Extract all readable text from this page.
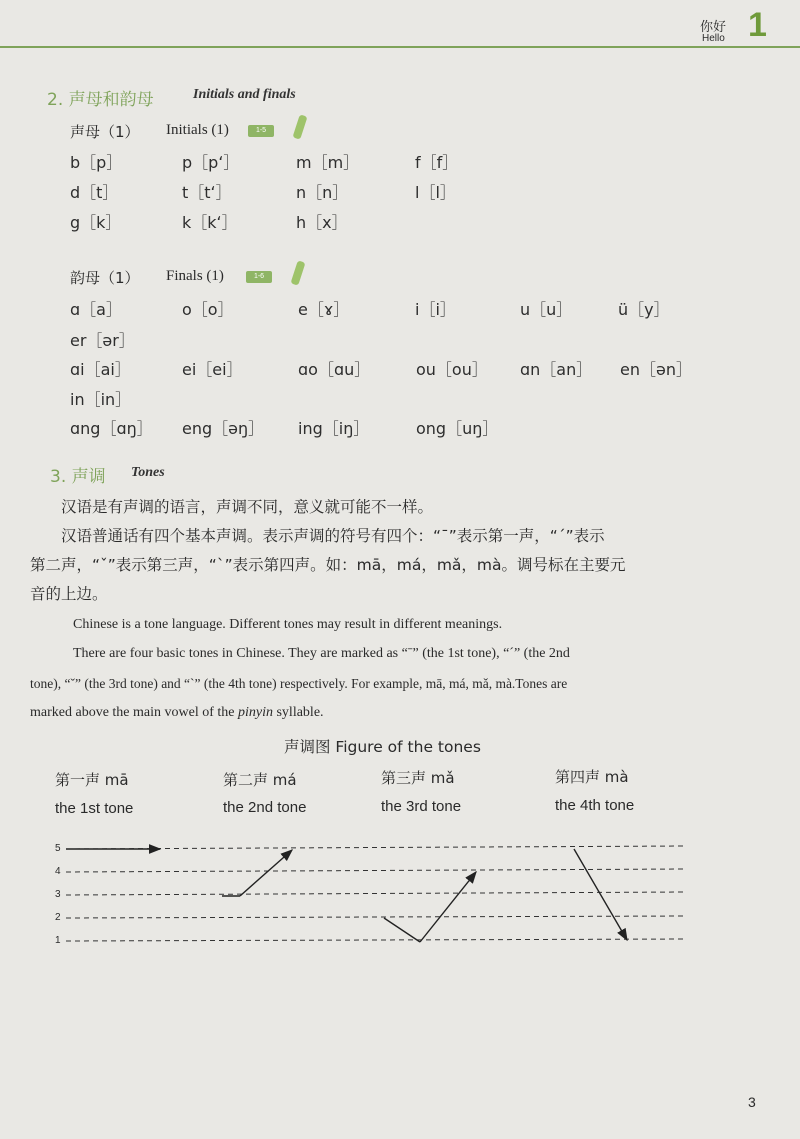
你好
Hello 1
2. 声母和韵母	Initials and finals
声母（1） Initials (1)	1-5
b［p］	p［pʻ］	m［m］	f［f］
d［t］	t［tʻ］	n［n］	l［l］
g［k］	k［kʻ］	h［x］
韵母（1） Finals (1)	1-6
ɑ［a］	o［o］	e［ɤ］	i［i］	u［u］	ü［y］
er［ər］
ɑi［ai］	ei［ei］	ɑo［ɑu］	ou［ou］ ɑn［an］ en［ən］
in［in］
ɑng［ɑŋ］ eng［əŋ］ ing［iŋ］	ong［uŋ］
3. 声调 Tones
汉语是有声调的语言，声调不同，意义就可能不一样。
汉语普通话有四个基本声调。表示声调的符号有四个：“ˉ”表示第一声，“ˊ”表示
第二声，“ˇ”表示第三声，“ˋ”表示第四声。如：mā，má，mǎ，mà。调号标在主要元
音的上边。
Chinese is a tone language. Different tones may result in different meanings.
There are four basic tones in Chinese. They are marked as “ˉ” (the 1st tone), “ˊ” (the 2nd
tone), “ˇ” (the 3rd tone) and “ˋ” (the 4th tone) respectively. For example, mā, má, mǎ, mà.Tones are
marked above the main vowel of the pinyin syllable.
声调图 Figure of the tones
第一声 mā	第二声 má	第三声 mǎ	第四声 mà
the 1st tone	the 2nd tone	the 3rd tone	the 4th tone
5
4
3
2
1
3
